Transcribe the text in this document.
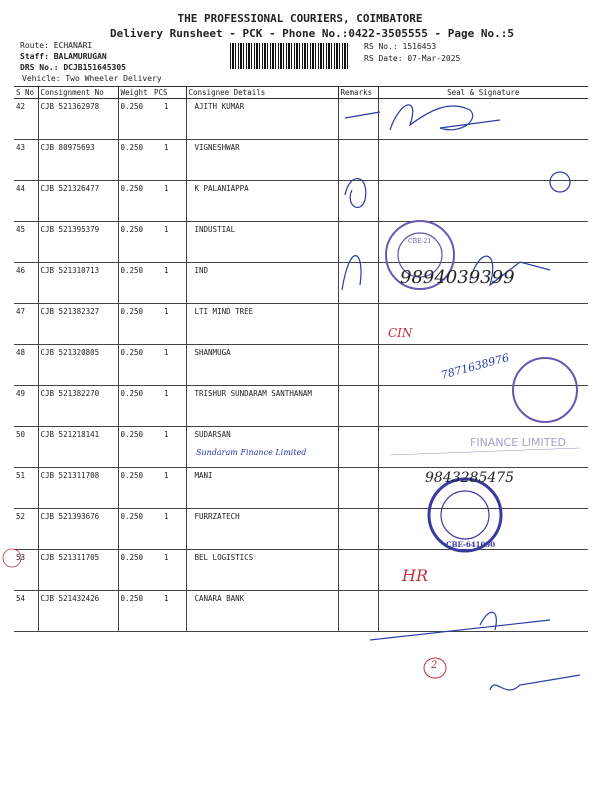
THE PROFESSIONAL COURIERS, COIMBATORE
Delivery Runsheet - PCK - Phone No.:0422-3505555 - Page No.:5
Route: ECHANARI
Staff: BALAMURUGAN
DRS No.: DCJB151645305
Vehicle: Two Wheeler Delivery
RS No.: 1516453
RS Date: 07-Mar-2025
S No	Consignment No	Weight	PCS	Consignee Details	Remarks	Seal & Signature
42	CJB 521362978	0.250	1	AJITH KUMAR		
43	CJB 80975693	0.250	1	VIGNESHWAR		
44	CJB 521326477	0.250	1	K PALANIAPPA		
45	CJB 521395379	0.250	1	INDUSTIAL		
46	CJB 521310713	0.250	1	IND		
47	CJB 521382327	0.250	1	LTI MIND TREE		
48	CJB 521320805	0.250	1	SHANMUGA		
49	CJB 521382270	0.250	1	TRISHUR SUNDARAM SANTHANAM		
50	CJB 521218141	0.250	1	SUDARSAN		
51	CJB 521311708	0.250	1	MANI		
52	CJB 521393676	0.250	1	FURRZATECH		
53	CJB 521311705	0.250	1	BEL LOGISTICS		
54	CJB 521432426	0.250	1	CANARA BANK		
9894039399
7871638976
9843285475
Sundaram Finance Limited
FINANCE LIMITED
CBE-21
CBE-641050
CIN
HR
2
